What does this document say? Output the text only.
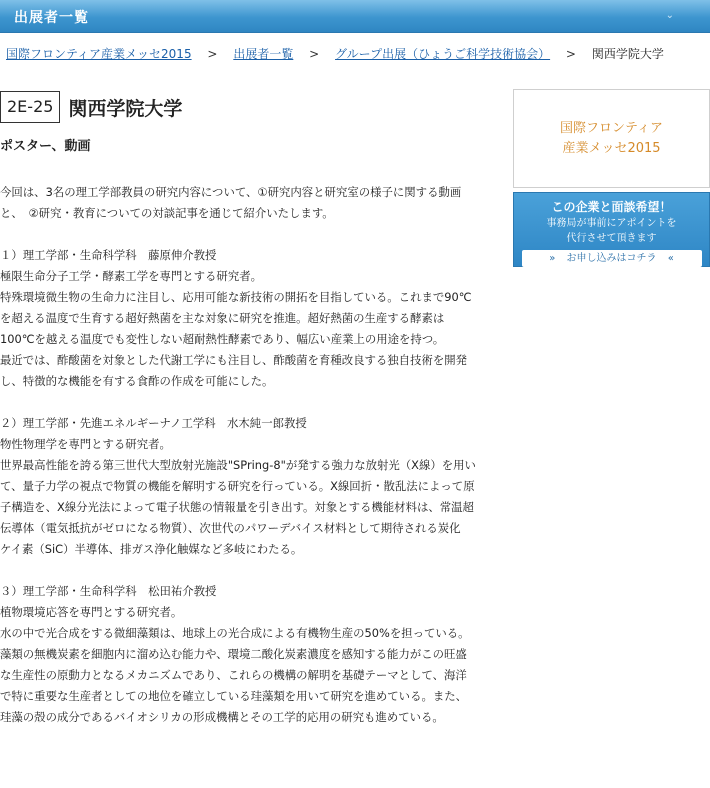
出展者一覧	⌄
国際フロンティア産業メッセ2015 > 出展者一覧 > グループ出展（ひょうご科学技術協会） > 関西学院大学
2E-25 関西学院大学
ポスター、動画

今回は、3名の理工学部教員の研究内容について、①研究内容と研究室の様子に関する動画

と、　②研究・教育についての対談記事を通じて紹介いたします。

１）理工学部・生命科学科　藤原伸介教授

極限生命分子工学・酵素工学を専門とする研究者。

特殊環境微生物の生命力に注目し、応用可能な新技術の開拓を目指している。これまで90℃

を超える温度で生育する超好熱菌を主な対象に研究を推進。超好熱菌の生産する酵素は

100℃を越える温度でも変性しない超耐熱性酵素であり、幅広い産業上の用途を持つ。

最近では、酢酸菌を対象とした代謝工学にも注目し、酢酸菌を育種改良する独自技術を開発

し、特徴的な機能を有する食酢の作成を可能にした。

２）理工学部・先進エネルギーナノ工学科　水木純一郎教授

物性物理学を専門とする研究者。

世界最高性能を誇る第三世代大型放射光施設"SPring-8"が発する強力な放射光（X線）を用い

て、量子力学の視点で物質の機能を解明する研究を行っている。X線回折・散乱法によって原

子構造を、X線分光法によって電子状態の情報量を引き出す。対象とする機能材料は、常温超

伝導体（電気抵抗がゼロになる物質）、次世代のパワーデバイス材料として期待される炭化

ケイ素（SiC）半導体、排ガス浄化触媒など多岐にわたる。

３）理工学部・生命科学科　松田祐介教授

植物環境応答を専門とする研究者。

水の中で光合成をする微細藻類は、地球上の光合成による有機物生産の50%を担っている。

藻類の無機炭素を細胞内に溜め込む能力や、環境二酸化炭素濃度を感知する能力がこの旺盛

な生産性の原動力となるメカニズムであり、これらの機構の解明を基礎テーマとして、海洋

で特に重要な生産者としての地位を確立している珪藻類を用いて研究を進めている。また、

珪藻の殻の成分であるバイオシリカの形成機構とその工学的応用の研究も進めている。

国際フロンティア
産業メッセ2015
この企業と面談希望！
事務局が事前にアポイントを
代行させて頂きます
» お申し込みはコチラ «
